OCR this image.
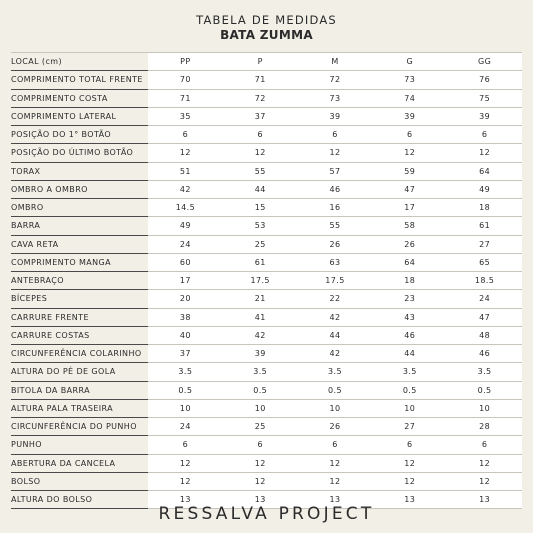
TABELA DE MEDIDAS
BATA ZUMMA
LOCAL (cm)	PP	P	M	G	GG
COMPRIMENTO TOTAL FRENTE	70	71	72	73	76
COMPRIMENTO COSTA	71	72	73	74	75
COMPRIMENTO LATERAL	35	37	39	39	39
POSIÇÃO DO 1° BOTÃO	6	6	6	6	6
POSIÇÃO DO ÚLTIMO BOTÃO	12	12	12	12	12
TORAX	51	55	57	59	64
OMBRO A OMBRO	42	44	46	47	49
OMBRO	14.5	15	16	17	18
BARRA	49	53	55	58	61
CAVA RETA	24	25	26	26	27
COMPRIMENTO MANGA	60	61	63	64	65
ANTEBRAÇO	17	17.5	17.5	18	18.5
BÍCEPES	20	21	22	23	24
CARRURE FRENTE	38	41	42	43	47
CARRURE COSTAS	40	42	44	46	48
CIRCUNFERÊNCIA COLARINHO	37	39	42	44	46
ALTURA DO PÉ DE GOLA	3.5	3.5	3.5	3.5	3.5
BITOLA DA BARRA	0.5	0.5	0.5	0.5	0.5
ALTURA PALA TRASEIRA	10	10	10	10	10
CIRCUNFERÊNCIA DO PUNHO	24	25	26	27	28
PUNHO	6	6	6	6	6
ABERTURA DA CANCELA	12	12	12	12	12
BOLSO	12	12	12	12	12
ALTURA DO BOLSO	13	13	13	13	13
RESSALVA PROJECT
